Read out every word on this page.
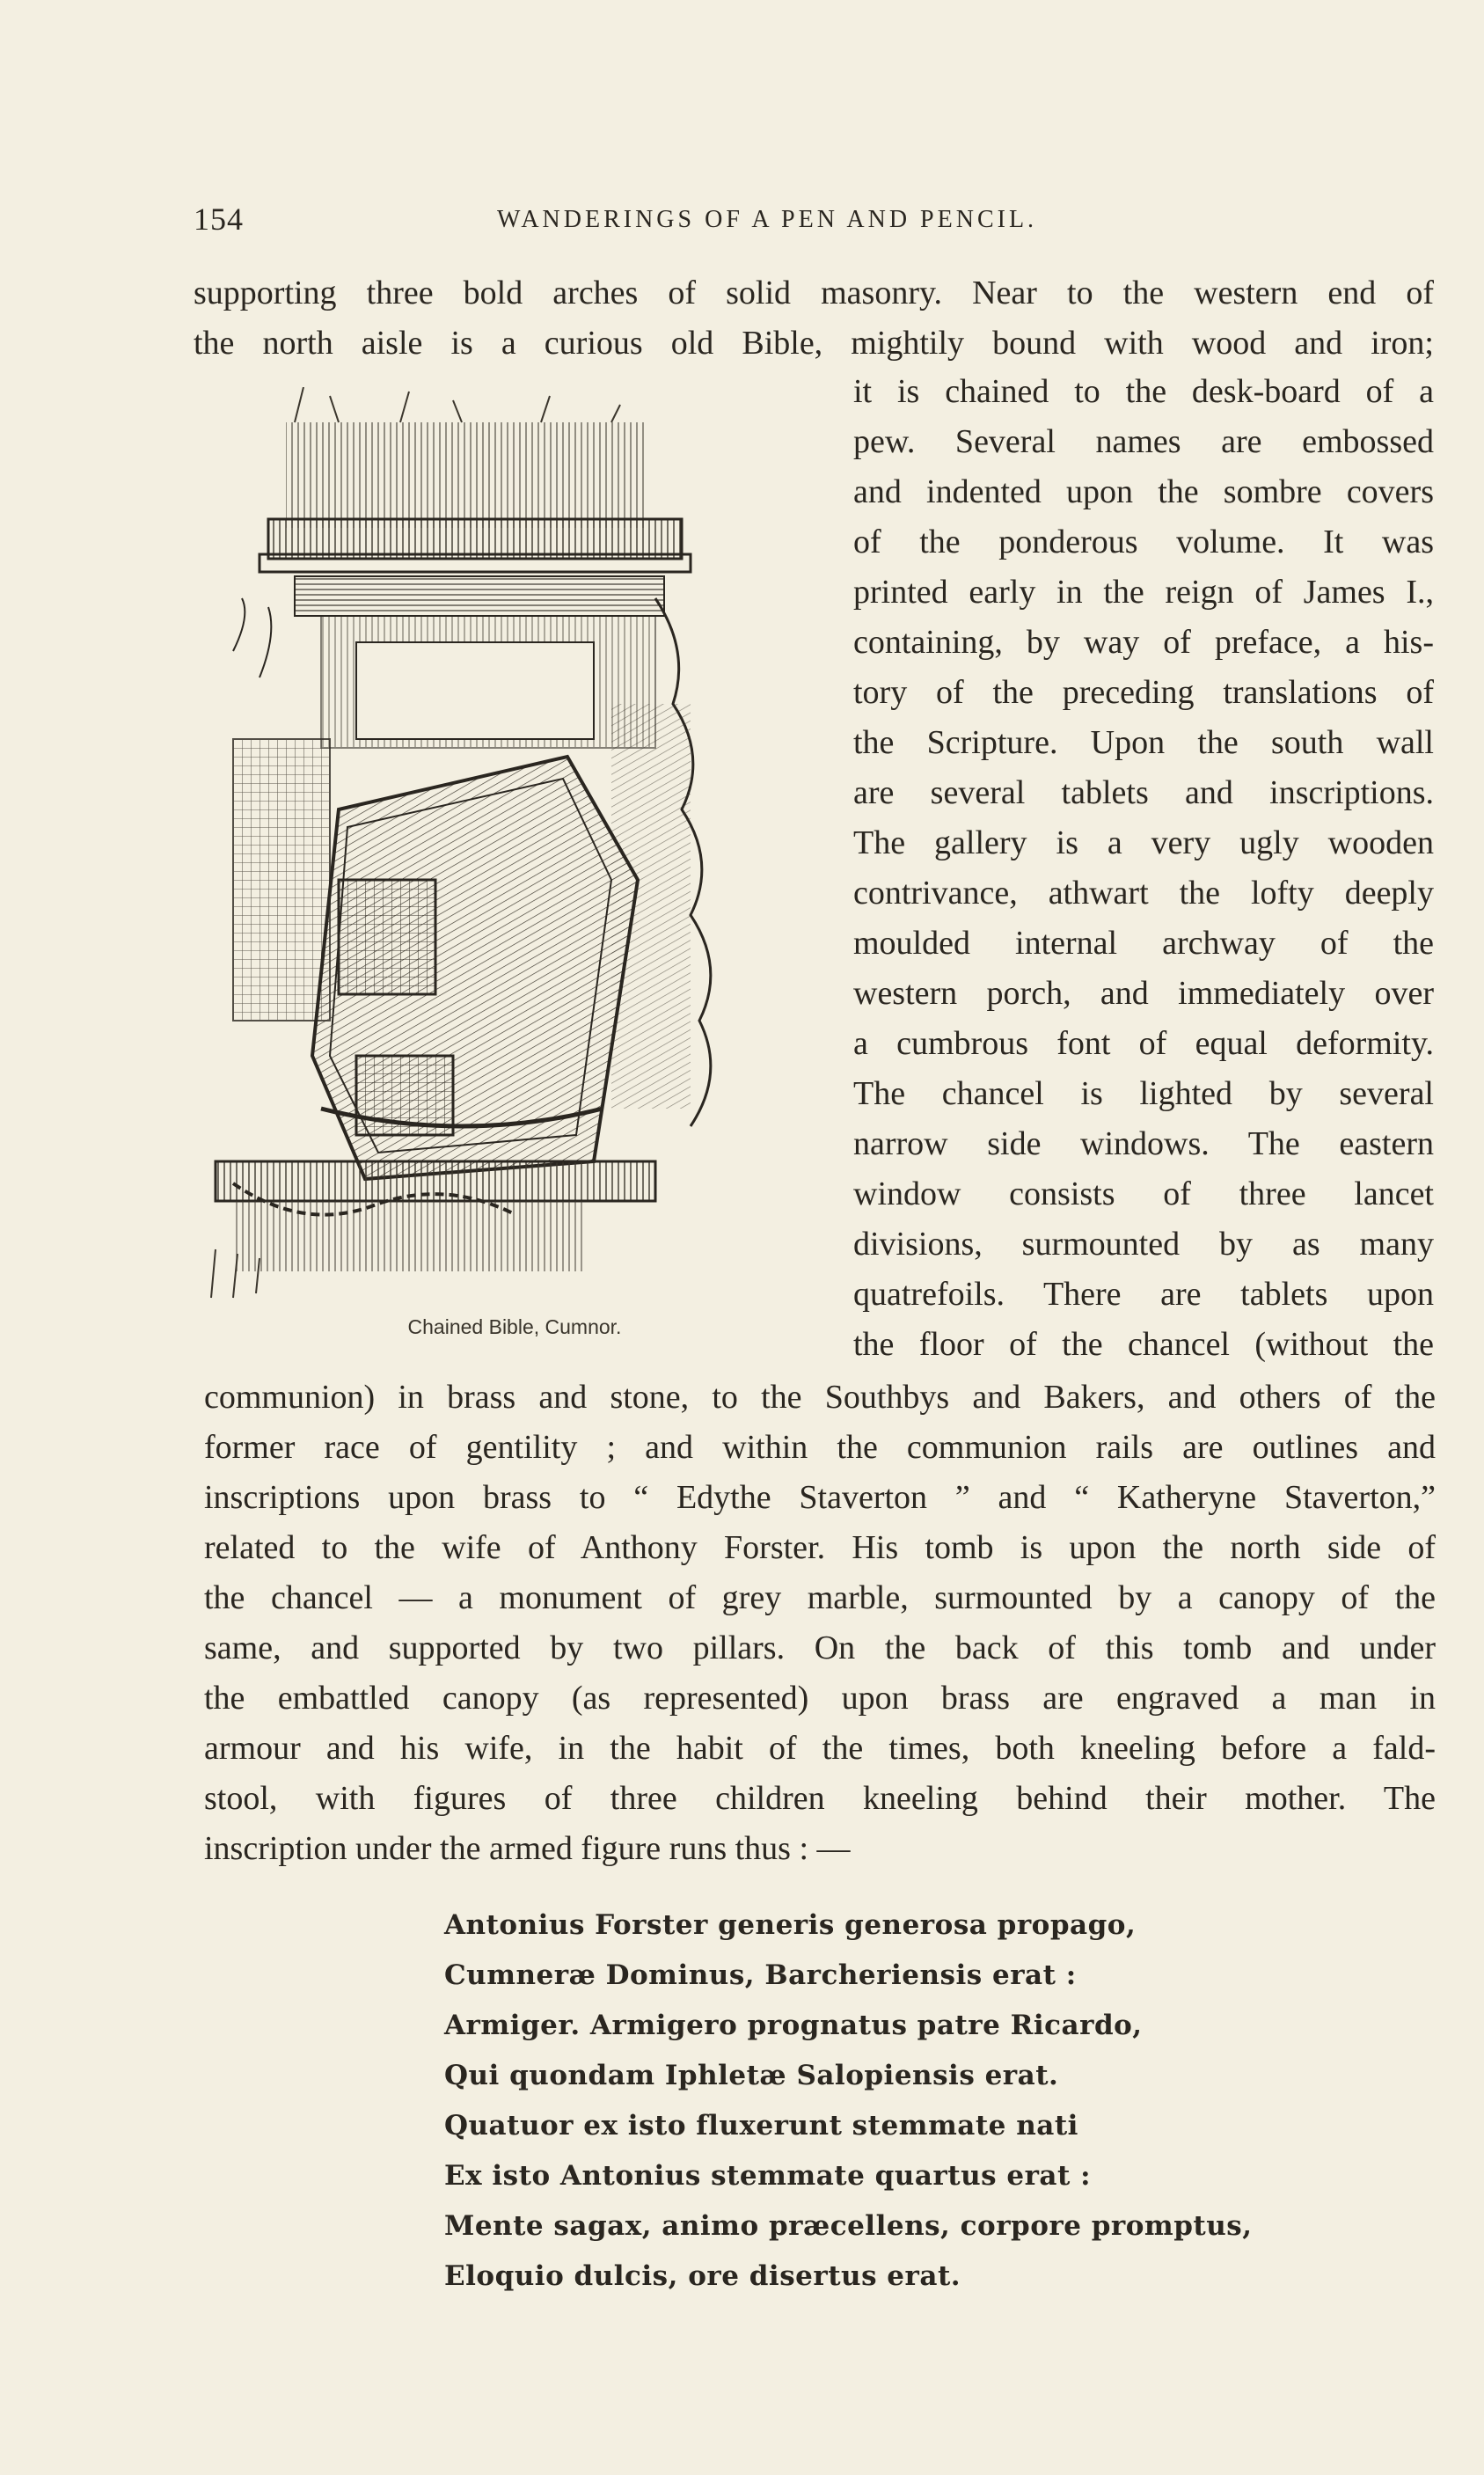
154	WANDERINGS OF A PEN AND PENCIL.
supporting three bold arches of solid masonry. Near to the western end of
the north aisle is a curious old Bible, mightily bound with wood and iron;
Chained Bible, Cumnor.
it is chained to the desk-board of a
pew. Several names are embossed
and indented upon the sombre covers
of the ponderous volume. It was
printed early in the reign of James I.,
containing, by way of preface, a his-
tory of the preceding translations of
the Scripture. Upon the south wall
are several tablets and inscriptions.
The gallery is a very ugly wooden
contrivance, athwart the lofty deeply
moulded internal archway of the
western porch, and immediately over
a cumbrous font of equal deformity.
The chancel is lighted by several
narrow side windows. The eastern
window consists of three lancet
divisions, surmounted by as many
quatrefoils. There are tablets upon
the floor of the chancel (without the
communion) in brass and stone, to the Southbys and Bakers, and others of the
former race of gentility ; and within the communion rails are outlines and
inscriptions upon brass to “ Edythe Staverton ” and “ Katheryne Staverton,”
related to the wife of Anthony Forster. His tomb is upon the north side of
the chancel — a monument of grey marble, surmounted by a canopy of the
same, and supported by two pillars. On the back of this tomb and under
the embattled canopy (as represented) upon brass are engraved a man in
armour and his wife, in the habit of the times, both kneeling before a fald-
stool, with figures of three children kneeling behind their mother. The
inscription under the armed figure runs thus : —
Antonius Forster generis generosa propago,
Cumneræ Dominus, Barcheriensis erat :
Armiger. Armigero prognatus patre Ricardo,
Qui quondam Iphletæ Salopiensis erat.
Quatuor ex isto fluxerunt stemmate nati
Ex isto Antonius stemmate quartus erat :
Mente sagax, animo præcellens, corpore promptus,
Eloquio dulcis, ore disertus erat.
